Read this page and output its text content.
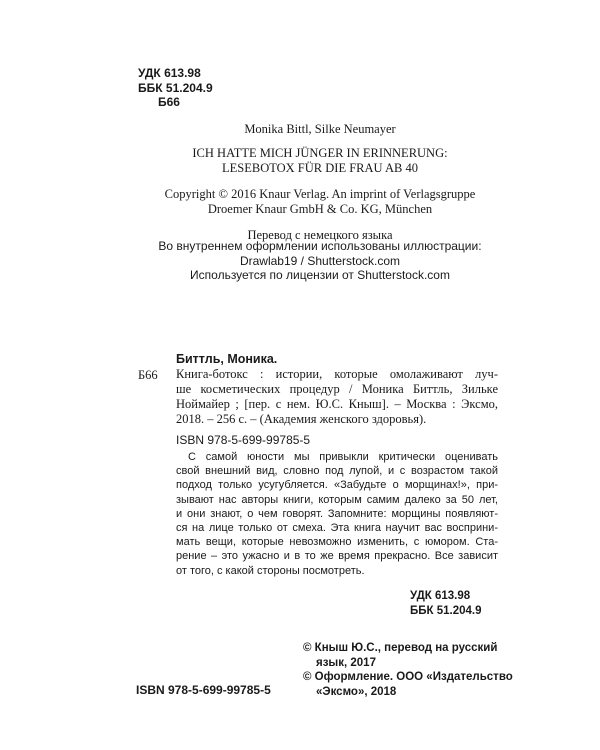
УДК 613.98
ББК 51.204.9
Б66
Monika Bittl, Silke Neumayer
ICH HATTE MICH JÜNGER IN ERINNERUNG:
LESEBOTOX FÜR DIE FRAU AB 40
Copyright © 2016 Knaur Verlag. An imprint of Verlagsgruppe
Droemer Knaur GmbH & Co. KG, München
Перевод с немецкого языка
Во внутреннем оформлении использованы иллюстрации:
Drawlab19 / Shutterstock.com
Используется по лицензии от Shutterstock.com
Б66
Биттль, Моника.
Книга-ботокс : истории, которые омолаживают луч-
ше косметических процедур / Моника Биттль, Зильке
Ноймайер ; [пер. с нем. Ю.С. Кныш]. – Москва : Эксмо,
2018. – 256 с. – (Академия женского здоровья).
ISBN 978-5-699-99785-5
С самой юности мы привыкли критически оценивать
свой внешний вид, словно под лупой, и с возрастом такой
подход только усугубляется. «Забудьте о морщинах!», при-
зывают нас авторы книги, которым самим далеко за 50 лет,
и они знают, о чем говорят. Запомните: морщины появляют-
ся на лице только от смеха. Эта книга научит вас восприни-
мать вещи, которые невозможно изменить, с юмором. Ста-
рение – это ужасно и в то же время прекрасно. Все зависит
от того, с какой стороны посмотреть.
УДК 613.98
ББК 51.204.9
ISBN 978-5-699-99785-5
© Кныш Ю.С., перевод на русский
язык, 2017
© Оформление. ООО «Издательство
«Эксмо», 2018
